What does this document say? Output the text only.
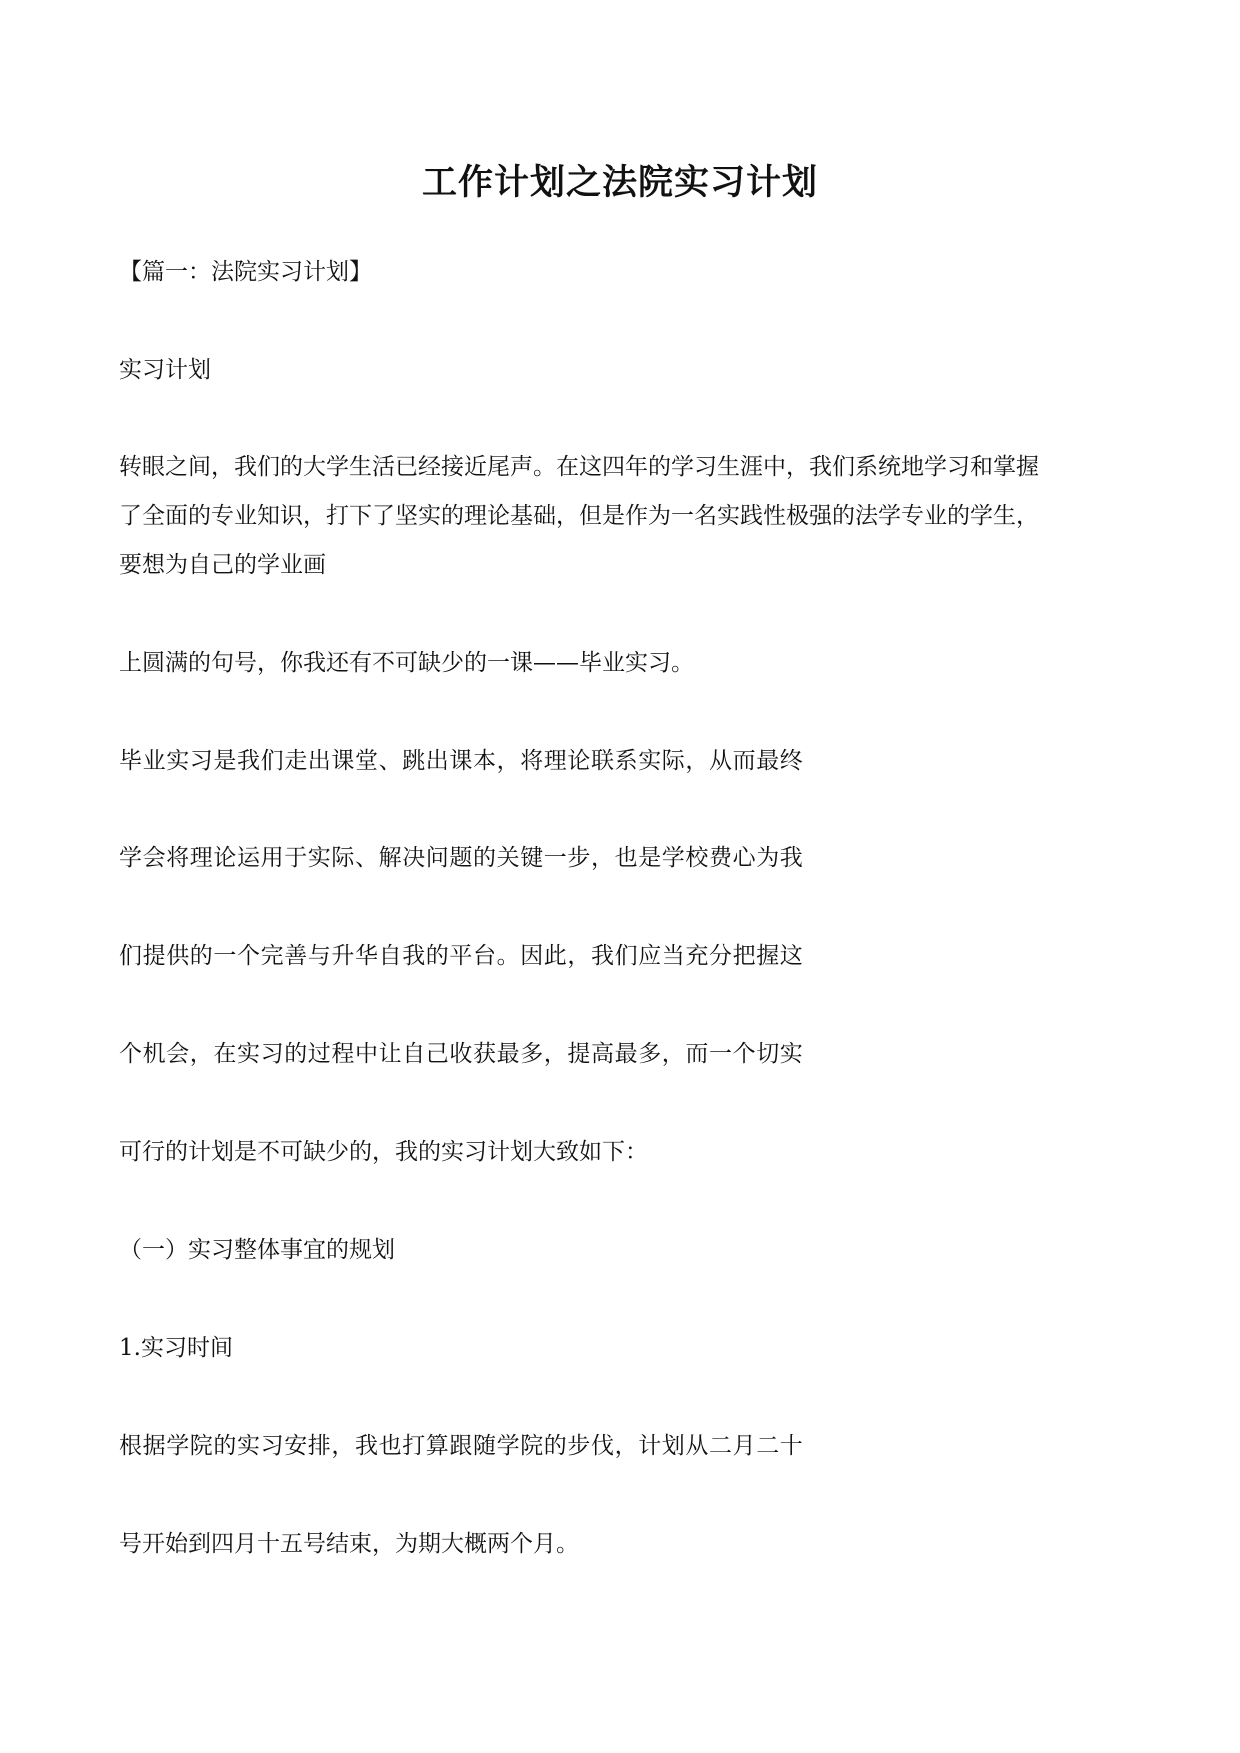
工作计划之法院实习计划

【篇一：法院实习计划】

实习计划

转眼之间，我们的大学生活已经接近尾声。在这四年的学习生涯中，我们系统地学习和掌握

了全面的专业知识，打下了坚实的理论基础，但是作为一名实践性极强的法学专业的学生，

要想为自己的学业画

上圆满的句号，你我还有不可缺少的一课——毕业实习。

毕业实习是我们走出课堂、跳出课本，将理论联系实际，从而最终

学会将理论运用于实际、解决问题的关键一步，也是学校费心为我

们提供的一个完善与升华自我的平台。因此，我们应当充分把握这

个机会，在实习的过程中让自己收获最多，提高最多，而一个切实

可行的计划是不可缺少的，我的实习计划大致如下：

（一）实习整体事宜的规划

1.实习时间

根据学院的实习安排，我也打算跟随学院的步伐，计划从二月二十

号开始到四月十五号结束，为期大概两个月。
